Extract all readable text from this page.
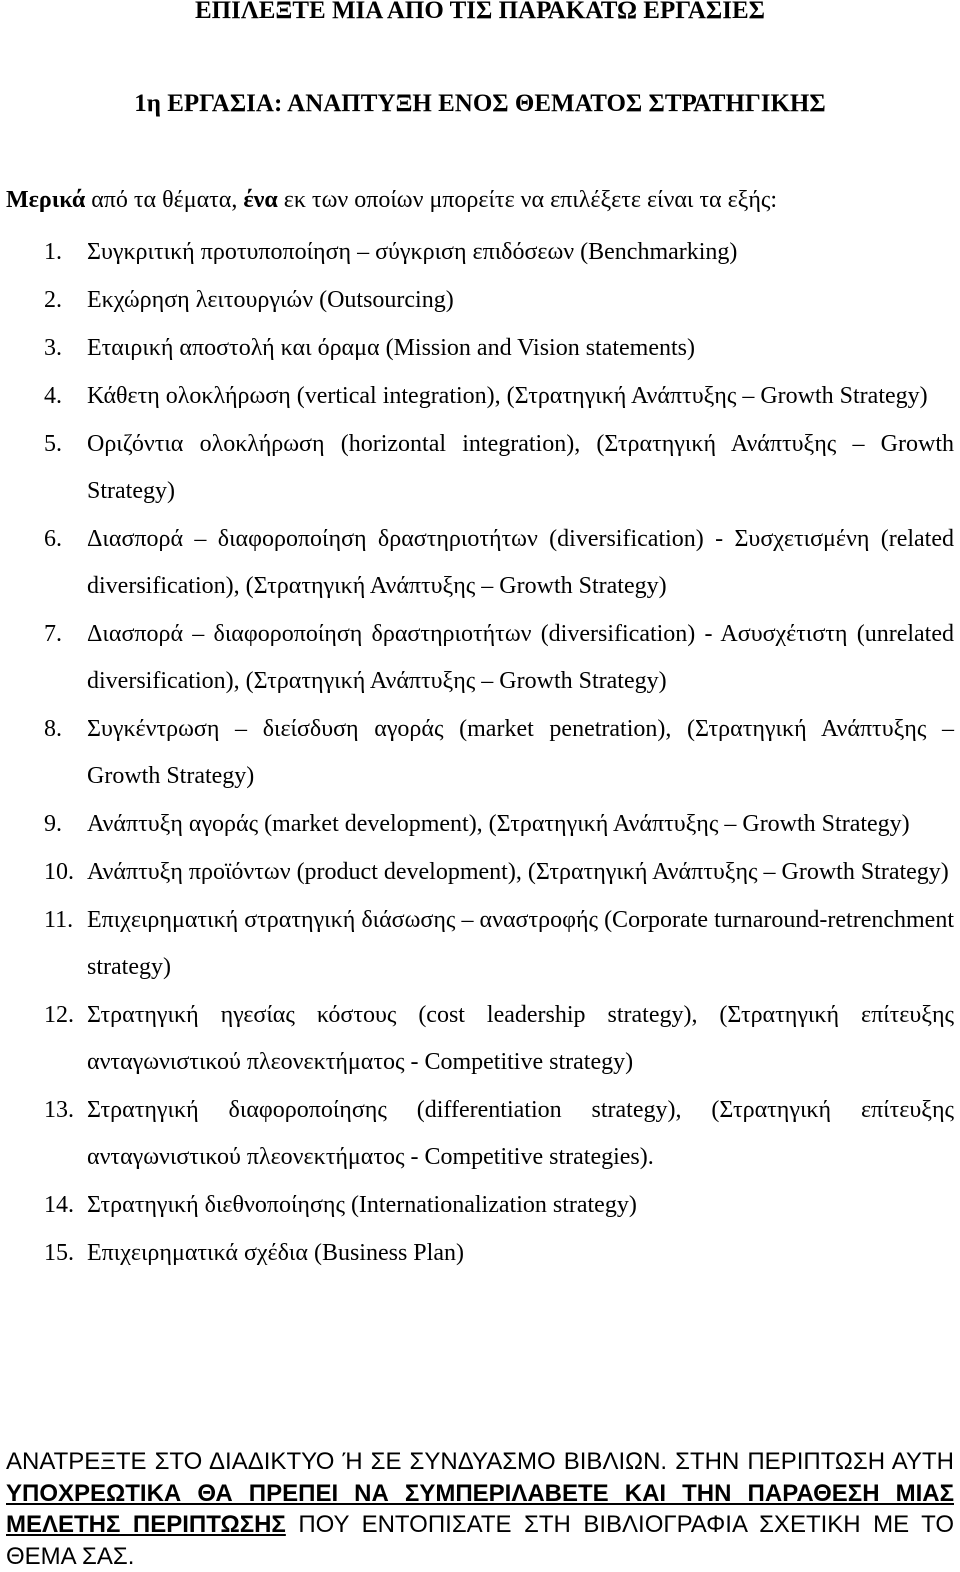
ΕΠΙΛΕΞΤΕ ΜΙΑ ΑΠΟ ΤΙΣ ΠΑΡΑΚΑΤΩ ΕΡΓΑΣΙΕΣ
1η ΕΡΓΑΣΙΑ: ΑΝΑΠΤΥΞΗ ΕΝΟΣ ΘΕΜΑΤΟΣ ΣΤΡΑΤΗΓΙΚΗΣ
Μερικά από τα θέματα, ένα εκ των οποίων μπορείτε να επιλέξετε είναι τα εξής:
1. Συγκριτική προτυποποίηση – σύγκριση επιδόσεων (Benchmarking)
2. Εκχώρηση λειτουργιών (Outsourcing)
3. Εταιρική αποστολή και όραμα (Mission and Vision statements)
4. Κάθετη ολοκλήρωση (vertical integration), (Στρατηγική Ανάπτυξης – Growth Strategy)
5. Οριζόντια ολοκλήρωση (horizontal integration), (Στρατηγική Ανάπτυξης – Growth Strategy)
6. Διασπορά – διαφοροποίηση δραστηριοτήτων (diversification) - Συσχετισμένη (related diversification), (Στρατηγική Ανάπτυξης – Growth Strategy)
7. Διασπορά – διαφοροποίηση δραστηριοτήτων (diversification) - Ασυσχέτιστη (unrelated diversification), (Στρατηγική Ανάπτυξης – Growth Strategy)
8. Συγκέντρωση – διείσδυση αγοράς (market penetration), (Στρατηγική Ανάπτυξης – Growth Strategy)
9. Ανάπτυξη αγοράς (market development), (Στρατηγική Ανάπτυξης – Growth Strategy)
10. Ανάπτυξη προϊόντων (product development), (Στρατηγική Ανάπτυξης – Growth Strategy)
11. Επιχειρηματική στρατηγική διάσωσης – αναστροφής (Corporate turnaround-retrenchment strategy)
12. Στρατηγική ηγεσίας κόστους (cost leadership strategy), (Στρατηγική επίτευξης ανταγωνιστικού πλεονεκτήματος - Competitive strategy)
13. Στρατηγική διαφοροποίησης (differentiation strategy), (Στρατηγική επίτευξης ανταγωνιστικού πλεονεκτήματος - Competitive strategies).
14. Στρατηγική διεθνοποίησης (Internationalization strategy)
15. Επιχειρηματικά σχέδια (Business Plan)
ΑΝΑΤΡΕΞΤΕ ΣΤΟ ΔΙΑΔΙΚΤΥΟ Ή ΣΕ ΣΥΝΔΥΑΣΜΟ ΒΙΒΛΙΩΝ. ΣΤΗΝ ΠΕΡΙΠΤΩΣΗ ΑΥΤΗ ΥΠΟΧΡΕΩΤΙΚΑ ΘΑ ΠΡΕΠΕΙ ΝΑ ΣΥΜΠΕΡΙΛΑΒΕΤΕ ΚΑΙ ΤΗΝ ΠΑΡΑΘΕΣΗ ΜΙΑΣ ΜΕΛΕΤΗΣ ΠΕΡΙΠΤΩΣΗΣ ΠΟΥ ΕΝΤΟΠΙΣΑΤΕ ΣΤΗ ΒΙΒΛΙΟΓΡΑΦΙΑ ΣΧΕΤΙΚΗ ΜΕ ΤΟ ΘΕΜΑ ΣΑΣ.
